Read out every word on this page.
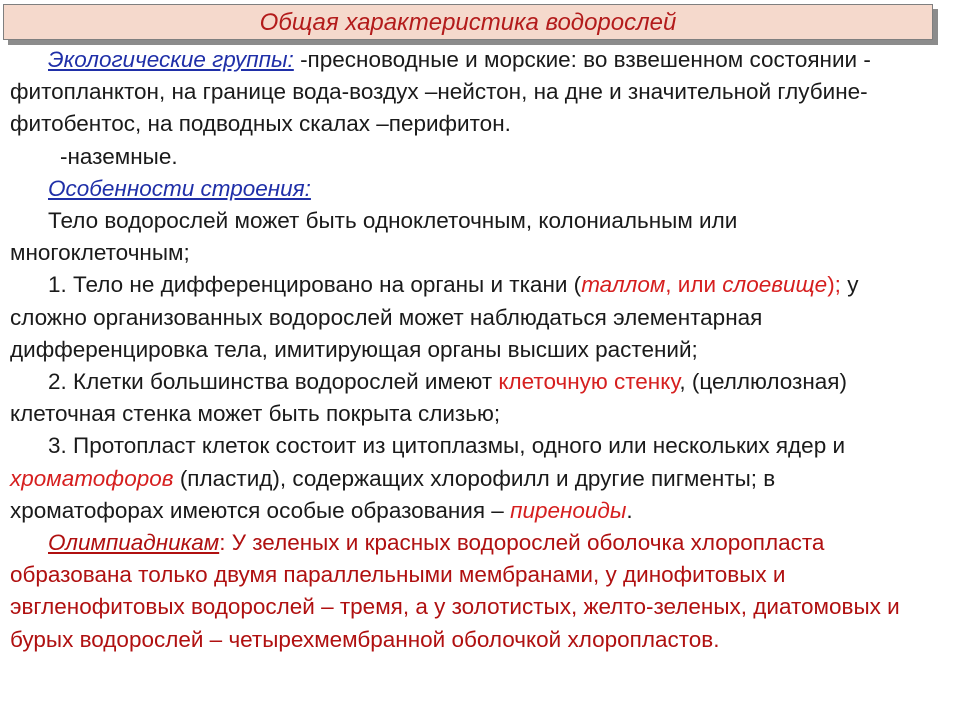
Общая характеристика водорослей

Экологические группы: -пресноводные и морские: во взвешенном состоянии - фитопланктон, на границе вода-воздух –нейстон, на дне и значительной глубине- фитобентос, на подводных скалах –перифитон.

-наземные.

Особенности строения:

Тело водорослей может быть одноклеточным, колониальным или многоклеточным;

1. Тело не дифференцировано на органы и ткани (таллом, или слоевище); у сложно организованных водорослей может наблюдаться элементарная дифференцировка тела, имитирующая органы высших растений;

2. Клетки большинства водорослей имеют клеточную стенку, (целлюлозная) клеточная стенка может быть покрыта слизью;

3. Протопласт клеток состоит из цитоплазмы, одного или нескольких ядер и хроматофоров (пластид), содержащих хлорофилл и другие пигменты; в хроматофорах имеются особые образования – пиреноиды.

Олимпиадникам: У зеленых и красных водорослей оболочка хлоропласта образована только двумя параллельными мембранами, у динофитовых и эвгленофитовых водорослей – тремя, а у золотистых, желто-зеленых, диатомовых и бурых водорослей – четырехмембранной оболочкой хлоропластов.
